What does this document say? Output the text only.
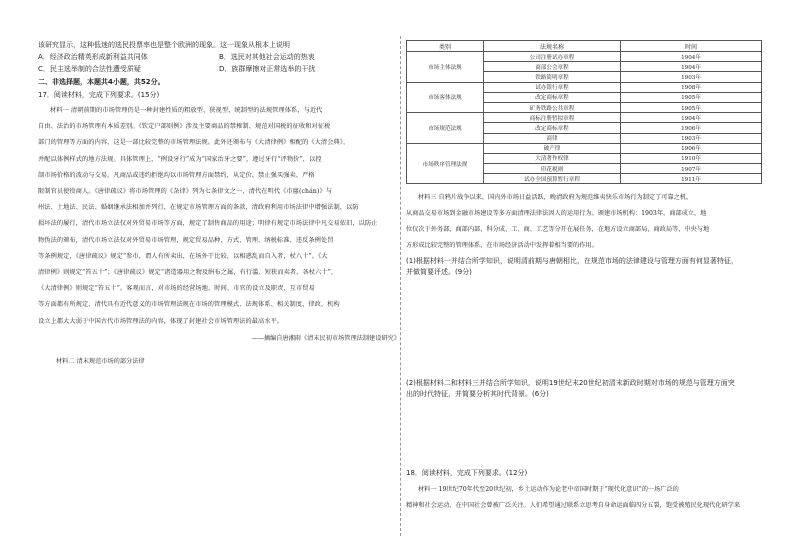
该研究显示，这种低迷的选民投票率也是整个欧洲的现象。这一现象从根本上说明
A．经济政治精英形成新利益共同体	B．选民对其他社会运动的热衷
C．民主选举制的合法性遭受质疑	D．族群摩擦对正常选举的干扰
二、非选择题，本题共4小题，共52分。
17．阅读材料，完成下列要求。(15分)
材料一 清朝前期的市场管理仍是一种封建性质的粗放型、狭视型、统制型的法规管理体系，与近代
自由、法治的市场管理有本质差别。《钦定户部则例》涉及主要商品的禁榷制、规范对国税的征收和对征税
部门的管理等方面的内容，这是一部比较完整的市场管理法规。此外还颁布与《大清律例》相配的《大清会典》，
并配以体例样式的地方法规。具体管理上，“例设牙行”成为“国家治牙之要”，遵过牙行“评物价”，以控
制市场价格的波动与交易。凡商品或违约拒绝均以市场管理方面禁约，从定价、禁止强买强卖、严格
限制官员使役商人。《唐律疏议》将市场管理的《杂律》列为七条律文之一，清代在明代《市廛(chán)》与
州法、土地法、民法、婚姻继承法相加并列行，在规定市场管理方面的条款，清政府利用市场法律中增强法制，以防
损坏法的履行，清代市场立法仅对外贸易市场等方面，规定了制售商品的用途；明律有规定市场法律中凡交易依旧，以防止
物伪法的颁布，清代市场立法仅对外贸易市场管理，规定贸易品种、方式、管理、纳税标准、违反条例处罚
等条例规定，《唐律疏议》规定“参市，谓人有所卖出，在场外干比较，以相惑乱而自入者，杖八十”。《大
清律例》则规定“笞五十”；《唐律疏议》规定“诸造器用之物及绢布之属，有行滥、短狭而卖者，各杖六十”，
《大清律例》则规定“笞五十”。客观而言，对市场的经营场地、时间、市官的设立及职责、互市贸易
等方面都有所规定，清代具有近代意义的市场管理法规在市场的管理模式、法规体系、相关制度、律政、机构
设立上都大大弱于中国古代市场管理法的内容，体现了封建社会市场管理法的最高水平。
——摘编自唐湘雨《清末民初市场管理法制建设研究》
材料二 清末规范市场的部分法律
类别	法规名称	时间
市场主体法规	公司注册试办章程	1904年
	商部公会章程	1904年
	铁路简明章程	1903年
市场客体法规	试办银行章程	1908年
	改定商标章程	1905年
	矿务铁路公共章程	1905年
市场规范法规	商标注册暂拟章程	1904年
	改定商标章程	1906年
	商律	1903年
市场秩序管理法规	破产律	1906年
	大清著作权律	1910年
	印花税则	1907年
	试办全国预算暂行章程	1911年
材料三 自鸦片战争以来，国内外市场日益活跃，晚清政府为规范维夷快乐市场行为制定了可靠之机，
从商品交易市场到金融市场建设等多方面清理法律法因人的运用行为。颁建市场机构：1903年，商部成立，地
位仅次于外务部，商部内部，科分成、工、商、工艺等分开在展任务，在地方设立商部局，商政局等，中央与地
方形成比较完整的管理体系，在市场经济活动中发挥着相当要的作用。
(1)根据材料一并结合所学知识，说明清前期与唐朝相比，在规范市场的法律建设与管理方面有何显著特征，
并做简要评述。(9分)
(2)根据材料二和材料三并结合所学知识，说明19世纪末20世纪初清末新政时期对市场的规范与管理方面突
出的时代特征，并简要分析其时代背景。(6分)
18．阅读材料，完成下列要求。(12分)
材料一 19世纪70年代至20世纪初，乡土运动作为论老中帝国时期于“现代化意识”的一场广泛的
精神和社会运动，在中国社会曾被广泛关注。人们希望通过联系立思考自身命运面临四分五裂，饱受被殖民化现代化研学来
